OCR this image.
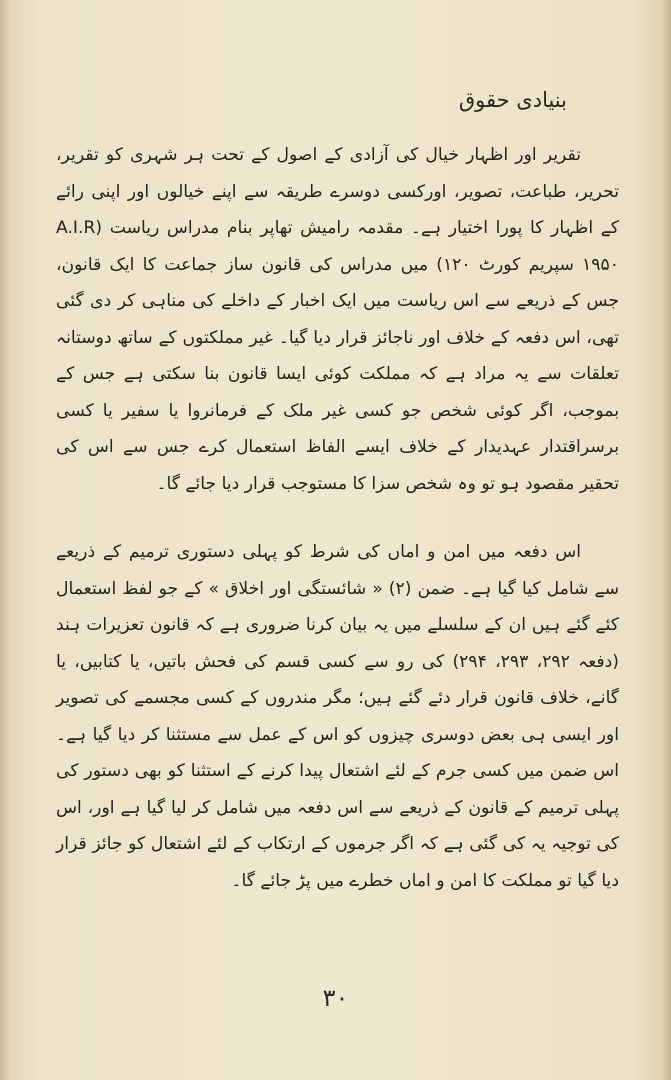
بنیادی حقوق

تقریر اور اظہار خیال کی آزادی کے اصول کے تحت ہر شہری کو تقریر، تحریر، طباعت، تصویر، اورکسی دوسرے طریقہ سے اپنے خیالوں اور اپنی رائے کے اظہار کا پورا اختیار ہے۔ مقدمہ رامیش تھاپر بنام مدراس ریاست (A.I.R ۱۹۵۰ سپریم کورٹ ۱۲۰) میں مدراس کی قانون ساز جماعت کا ایک قانون، جس کے ذریعے سے اس ریاست میں ایک اخبار کے داخلے کی مناہی کر دی گئی تھی، اس دفعہ کے خلاف اور ناجائز قرار دیا گیا۔ غیر مملکتوں کے ساتھ دوستانہ تعلقات سے یہ مراد ہے کہ مملکت کوئی ایسا قانون بنا سکتی ہے جس کے بموجب، اگر کوئی شخص جو کسی غیر ملک کے فرمانروا یا سفیر یا کسی برسراقتدار عہدیدار کے خلاف ایسے الفاظ استعمال کرے جس سے اس کی تحقیر مقصود ہو تو وہ شخص سزا کا مستوجب قرار دیا جائے گا۔

اس دفعہ میں امن و اماں کی شرط کو پہلی دستوری ترمیم کے ذریعے سے شامل کیا گیا ہے۔ ضمن (۲) « شائستگی اور اخلاق » کے جو لفظ استعمال کئے گئے ہیں ان کے سلسلے میں یہ بیان کرنا ضروری ہے کہ قانون تعزیرات ہند (دفعہ ۲۹۲، ۲۹۳، ۲۹۴) کی رو سے کسی قسم کی فحش باتیں، یا کتابیں، یا گانے، خلاف قانون قرار دئے گئے ہیں؛ مگر مندروں کے کسی مجسمے کی تصویر اور ایسی ہی بعض دوسری چیزوں کو اس کے عمل سے مستثنا کر دیا گیا ہے۔ اس ضمن میں کسی جرم کے لئے اشتعال پیدا کرنے کے استثنا کو بھی دستور کی پہلی ترمیم کے قانون کے ذریعے سے اس دفعہ میں شامل کر لیا گیا ہے اور، اس کی توجیہ یہ کی گئی ہے کہ اگر جرموں کے ارتکاب کے لئے اشتعال کو جائز قرار دیا گیا تو مملکت کا امن و اماں خطرے میں پڑ جائے گا۔

۳۰
